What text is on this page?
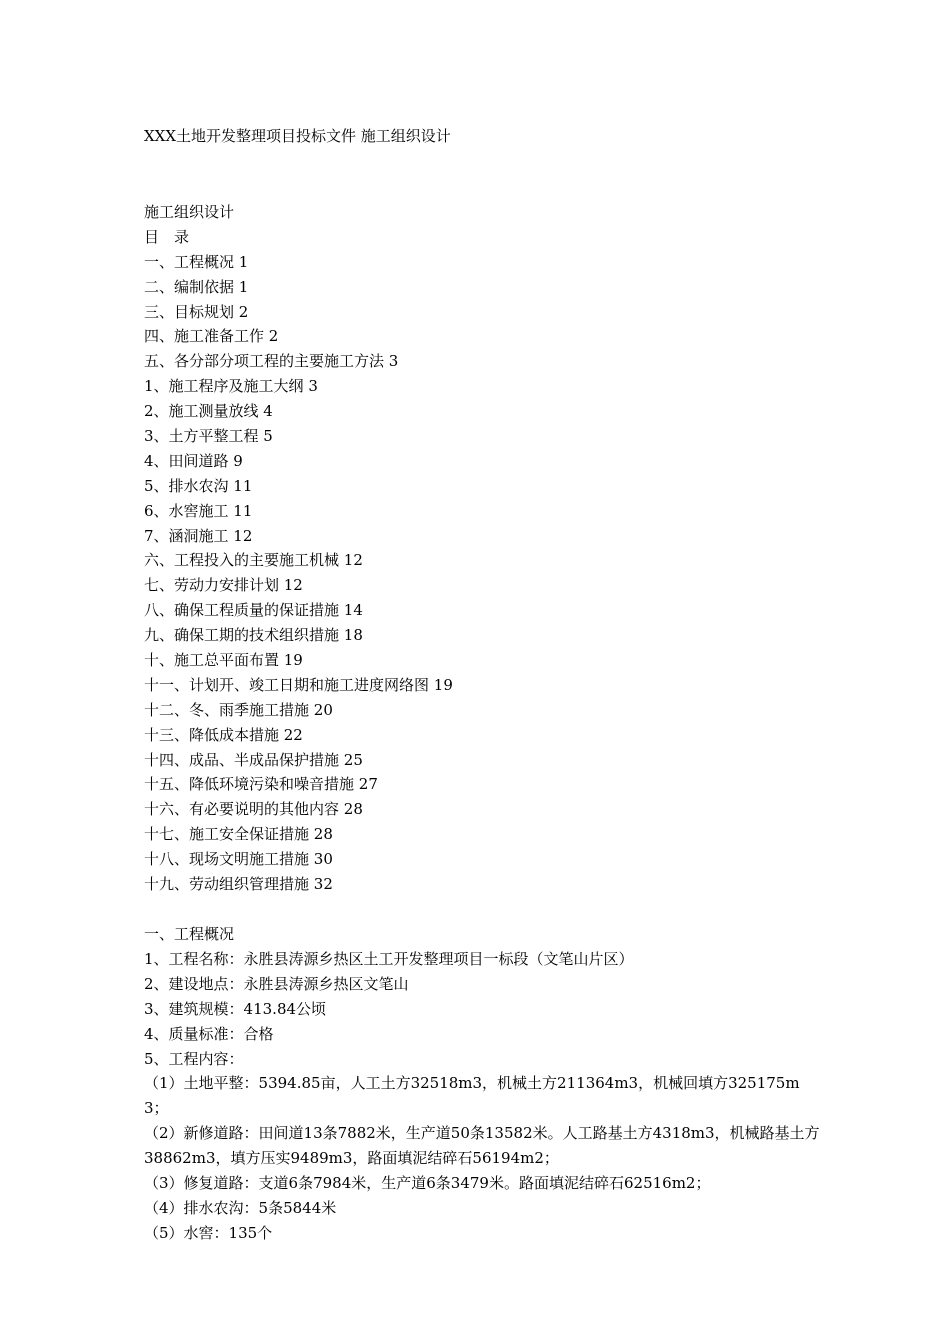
XXX土地开发整理项目投标文件 施工组织设计
施工组织设计
目　录
一、工程概况 1
二、编制依据 1
三、目标规划 2
四、施工准备工作 2
五、各分部分项工程的主要施工方法 3
1、施工程序及施工大纲 3
2、施工测量放线 4
3、土方平整工程 5
4、田间道路 9
5、排水农沟 11
6、水窖施工 11
7、涵洞施工 12
六、工程投入的主要施工机械 12
七、劳动力安排计划 12
八、确保工程质量的保证措施 14
九、确保工期的技术组织措施 18
十、施工总平面布置 19
十一、计划开、竣工日期和施工进度网络图 19
十二、冬、雨季施工措施 20
十三、降低成本措施 22
十四、成品、半成品保护措施 25
十五、降低环境污染和噪音措施 27
十六、有必要说明的其他内容 28
十七、施工安全保证措施 28
十八、现场文明施工措施 30
十九、劳动组织管理措施 32
一、工程概况
1、工程名称：永胜县涛源乡热区土工开发整理项目一标段（文笔山片区）
2、建设地点：永胜县涛源乡热区文笔山
3、建筑规模：413.84公顷
4、质量标准：合格
5、工程内容：
（1）土地平整：5394.85亩，人工土方32518m3，机械土方211364m3，机械回填方325175m3；
（2）新修道路：田间道13条7882米，生产道50条13582米。人工路基土方4318m3，机械路基土方38862m3，填方压实9489m3，路面填泥结碎石56194m2；
（3）修复道路：支道6条7984米，生产道6条3479米。路面填泥结碎石62516m2；
（4）排水农沟：5条5844米
（5）水窖：135个
